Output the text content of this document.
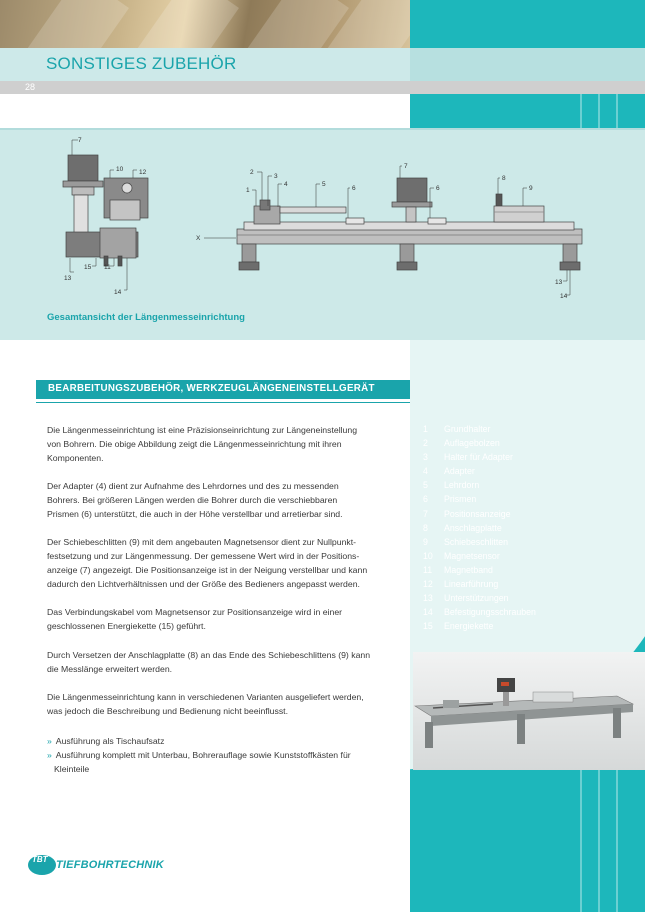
SONSTIGES ZUBEHÖR
28
7
10 12
13
15 11
14
2
3
1
4	5
6
7
6
8
9
13
14
X
Gesamtansicht der Längenmesseinrichtung
BEARBEITUNGSZUBEHÖR, WERKZEUGLÄNGENEINSTELLGERÄT
Die Längenmesseinrichtung ist eine Präzisionseinrichtung zur Längeneinstellung
von Bohrern. Die obige Abbildung zeigt die Längenmesseinrichtung mit ihren
Komponenten.
Der Adapter (4) dient zur Aufnahme des Lehrdornes und des zu messenden
Bohrers. Bei größeren Längen werden die Bohrer durch die verschiebbaren
Prismen (6) unterstützt, die auch in der Höhe verstellbar und arretierbar sind.
Der Schiebeschlitten (9) mit dem angebauten Magnetsensor dient zur Nullpunkt-
festsetzung und zur Längenmessung. Der gemessene Wert wird in der Positions-
anzeige (7) angezeigt. Die Positionsanzeige ist in der Neigung verstellbar und kann
dadurch den Lichtverhältnissen und der Größe des Bedieners angepasst werden.
Das Verbindungskabel vom Magnetsensor zur Positionsanzeige wird in einer
geschlossenen Energiekette (15) geführt.
Durch Versetzen der Anschlagplatte (8) an das Ende des Schiebeschlittens (9) kann
die Messlänge erweitert werden.
Die Längenmesseinrichtung kann in verschiedenen Varianten ausgeliefert werden,
was jedoch die Beschreibung und Bedienung nicht beeinflusst.
» Ausführung als Tischaufsatz
» Ausführung komplett mit Unterbau, Bohrerauflage sowie Kunststoffkästen für
Kleinteile
1 Grundhalter
2 Auflagebolzen
3 Halter für Adapter
4 Adapter
5 Lehrdorn
6 Prismen
7 Positionsanzeige
8 Anschlagplatte
9 Schiebeschlitten
10 Magnetsensor
11 Magnetband
12 Linearführung
13 Unterstützungen
14 Befestigungsschrauben
15 Energiekette
TBT TIEFBOHRTECHNIK
